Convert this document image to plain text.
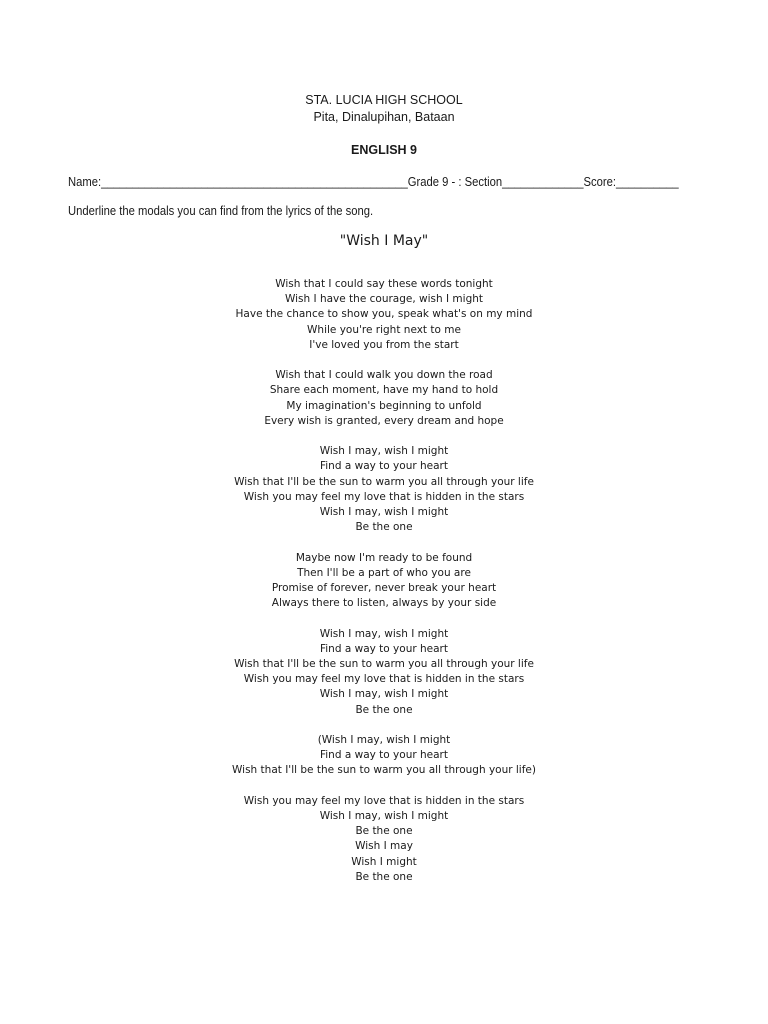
STA. LUCIA HIGH SCHOOL
Pita, Dinalupihan, Bataan
ENGLISH 9
Name:_________________________________________________Grade 9 - : Section_____________Score:__________
Underline the modals you can find from the lyrics of the song.
"Wish I May"
Wish that I could say these words tonight
Wish I have the courage, wish I might
Have the chance to show you, speak what's on my mind
While you're right next to me
I've loved you from the start
Wish that I could walk you down the road
Share each moment, have my hand to hold
My imagination's beginning to unfold
Every wish is granted, every dream and hope
Wish I may, wish I might
Find a way to your heart
Wish that I'll be the sun to warm you all through your life
Wish you may feel my love that is hidden in the stars
Wish I may, wish I might
Be the one
Maybe now I'm ready to be found
Then I'll be a part of who you are
Promise of forever, never break your heart
Always there to listen, always by your side
Wish I may, wish I might
Find a way to your heart
Wish that I'll be the sun to warm you all through your life
Wish you may feel my love that is hidden in the stars
Wish I may, wish I might
Be the one
(Wish I may, wish I might
Find a way to your heart
Wish that I'll be the sun to warm you all through your life)
Wish you may feel my love that is hidden in the stars
Wish I may, wish I might
Be the one
Wish I may
Wish I might
Be the one
